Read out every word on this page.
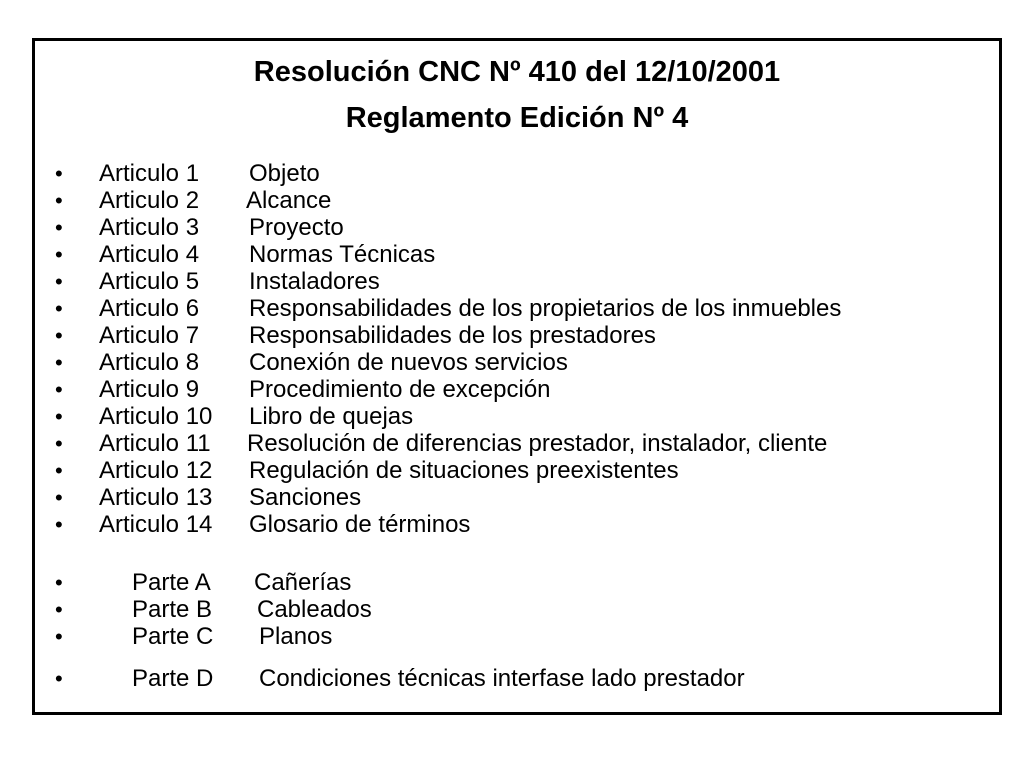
Resolución CNC Nº 410 del 12/10/2001
Reglamento Edición Nº 4
• Articulo 1 Objeto
• Articulo 2 Alcance
• Articulo 3 Proyecto
• Articulo 4 Normas Técnicas
• Articulo 5 Instaladores
• Articulo 6 Responsabilidades de los propietarios de los inmuebles
• Articulo 7 Responsabilidades de los prestadores
• Articulo 8 Conexión de nuevos servicios
• Articulo 9 Procedimiento de excepción
• Articulo 10 Libro de quejas
• Articulo 11 Resolución de diferencias prestador, instalador, cliente
• Articulo 12 Regulación de situaciones preexistentes
• Articulo 13 Sanciones
• Articulo 14 Glosario de términos
•	Parte A Cañerías
•	Parte B Cableados
•	Parte C Planos
•	Parte D Condiciones técnicas interfase lado prestador
